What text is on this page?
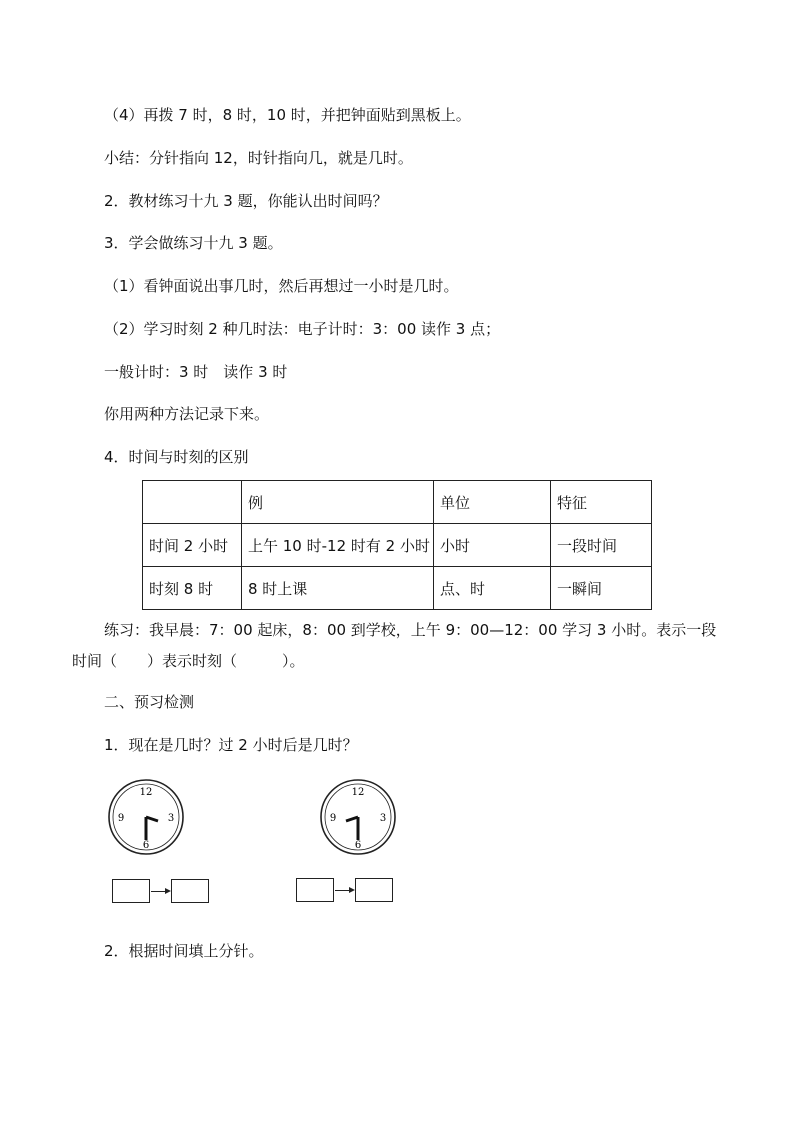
（4）再拨 7 时，8 时，10 时，并把钟面贴到黑板上。
小结：分针指向 12，时针指向几，就是几时。
2．教材练习十九 3 题，你能认出时间吗？
3．学会做练习十九 3 题。
（1）看钟面说出事几时，然后再想过一小时是几时。
（2）学习时刻 2 种几时法：电子计时：3：00 读作 3 点；
一般计时：3 时　读作 3 时
你用两种方法记录下来。
4．时间与时刻的区别
	例	单位	特征
时间 2 小时	上午 10 时-12 时有 2 小时	小时	一段时间
时刻 8 时	8 时上课	点、时	一瞬间
练习：我早晨：7：00 起床，8：00 到学校，上午 9：00—12：00 学习 3 小时。表示一段
时间（　　）表示时刻（　　　）。
二、预习检测
1．现在是几时？过 2 小时后是几时？
12
3
6
9
12
3
6
9
2．根据时间填上分针。
